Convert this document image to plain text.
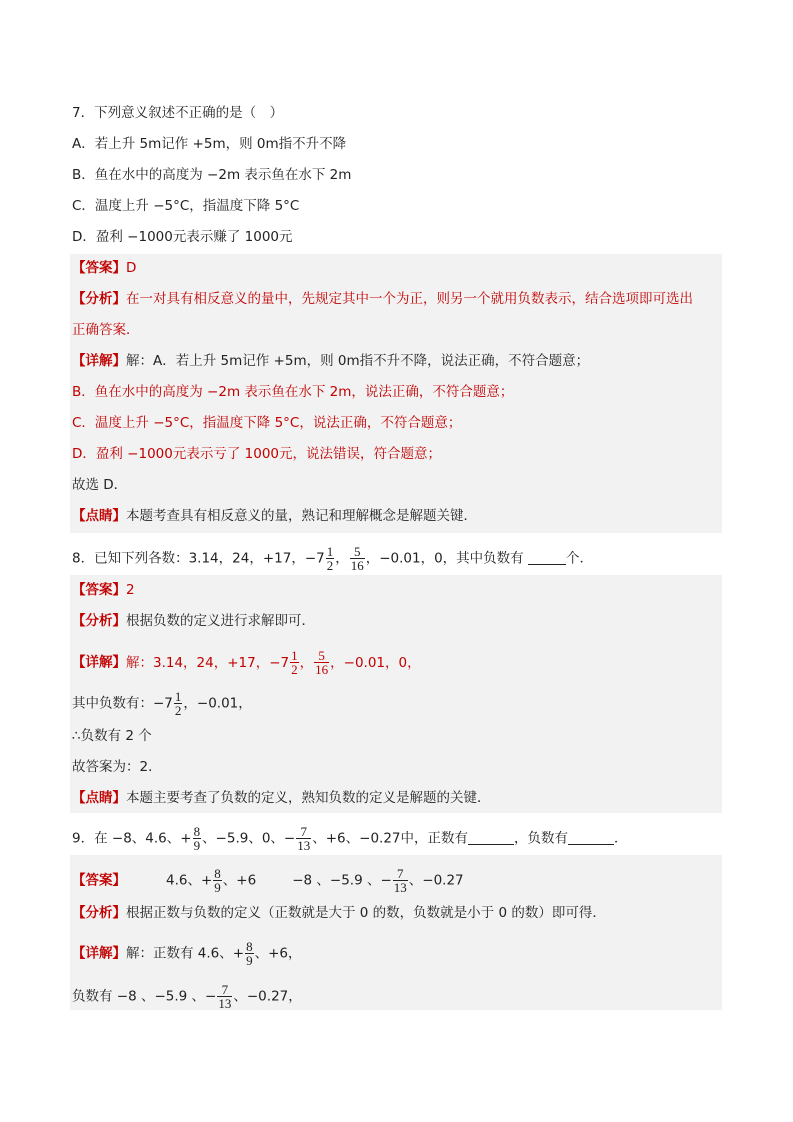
7．下列意义叙述不正确的是（　）
A．若上升 5m记作 +5m，则 0m指不升不降
B．鱼在水中的高度为 −2m 表示鱼在水下 2m
C．温度上升 −5°C，指温度下降 5°C
D．盈利 −1000元表示赚了 1000元
【答案】D
【分析】在一对具有相反意义的量中，先规定其中一个为正，则另一个就用负数表示，结合选项即可选出
正确答案．
【详解】解：A．若上升 5m记作 +5m，则 0m指不升不降，说法正确，不符合题意；
B．鱼在水中的高度为 −2m 表示鱼在水下 2m，说法正确，不符合题意；
C．温度上升 −5°C，指温度下降 5°C，说法正确，不符合题意；
D．盈利 −1000元表示亏了 1000元，说法错误，符合题意；
故选 D．
【点睛】本题考查具有相反意义的量，熟记和理解概念是解题关键．
8．已知下列各数：3.14，24，+17，$-7 \frac{1}{2}$ ， $\frac{5}{16}$ ，−0.01，0，其中负数有	个．
【答案】2
【分析】根据负数的定义进行求解即可．
【详解】解：3.14，24，+17，$-7 \frac{1}{2}$ ， $\frac{5}{16}$ ，−0.01，0，
其中负数有：$-7 \frac{1}{2}$ ，−0.01，
∴负数有 2 个
故答案为：2．
【点睛】本题主要考查了负数的定义，熟知负数的定义是解题的关键．
9．在 −8、4.6、+ $\frac{8}{9}$ 、−5.9、0、− $\frac{7}{13}$ 、+6、−0.27中，正数有	，负数有	．
【答案】	4.6、+ $\frac{8}{9}$ 、+6	−8 、−5.9 、− $\frac{7}{13}$ 、−0.27
【分析】根据正数与负数的定义（正数就是大于 0 的数，负数就是小于 0 的数）即可得．
【详解】解：正数有 4.6、+ $\frac{8}{9}$ 、+6，
负数有 −8 、−5.9 、− $\frac{7}{13}$ 、−0.27，
